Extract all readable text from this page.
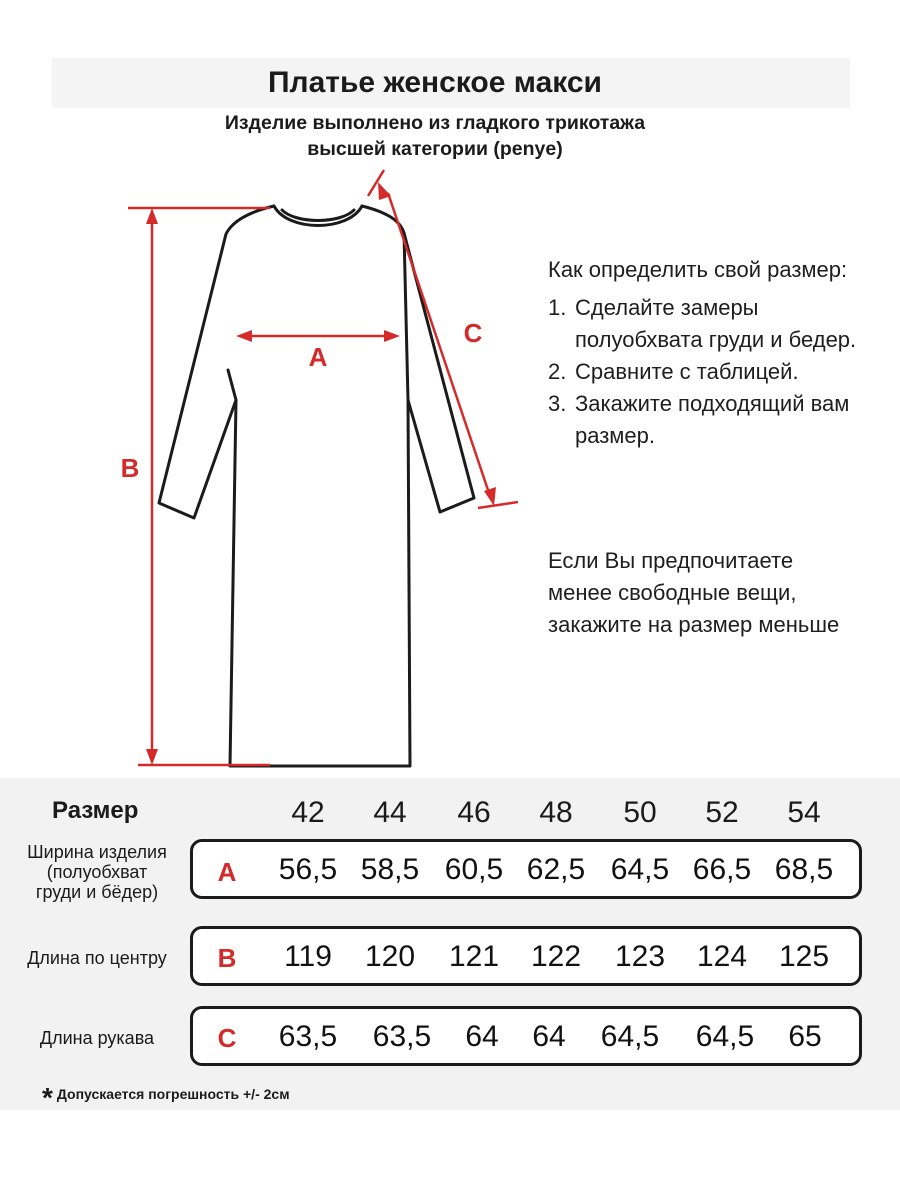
Платье женское макси
Изделие выполнено из гладкого трикотажа
высшей категории (penye)
A
B
C
Как определить свой размер:
1. Сделайте замеры
полуобхвата груди и бедер.
2. Сравните с таблицей.
3. Закажите подходящий вам
размер.
Если Вы предпочитаете
менее свободные вещи,
закажите на размер меньше
Размер	42	44	46	48	50	52	54
Ширина изделия
(полуобхват
груди и бёдер)
A 56,5 58,5 60,5 62,5 64,5 66,5 68,5
Длина по центру	B	119	120	121	122	123	124	125
Длина рукава	C 63,5 63,5	64	64	64,5 64,5	65
* Допускается погрешность +/- 2см
